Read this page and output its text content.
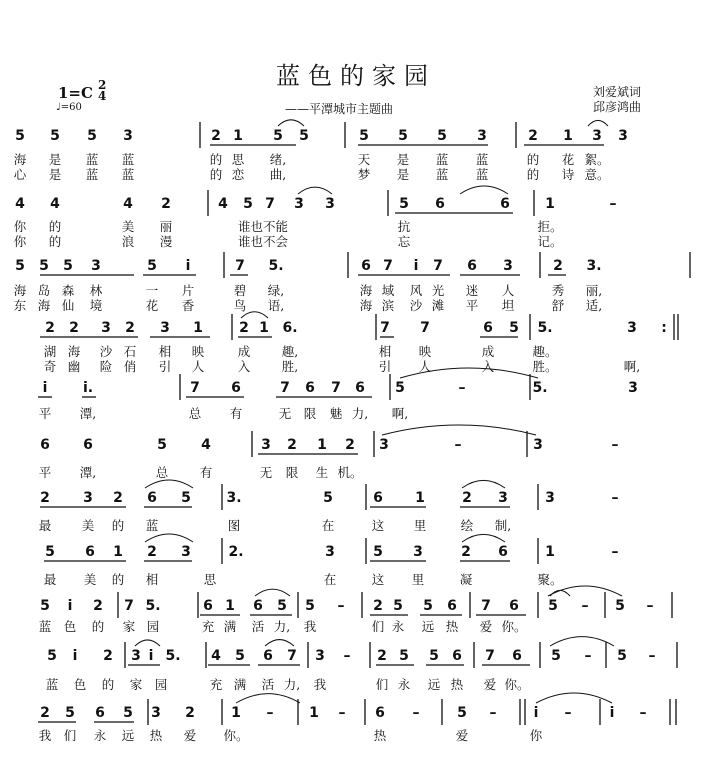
蓝色的家园
——平潭城市主题曲
刘爱斌词
邱彦鸿曲
1=C 2
4
♩=60
5 5 5 3	2 1 5 5	5 5 5 3	2 1 3 3
海 是 蓝 蓝	的 思 绪,	天 是 蓝 蓝	的 花 絮。
心 是 蓝 蓝	的 恋 曲,	梦 是 蓝 蓝	的 诗 意。
4 4	4 2	4 5 7 3 3	5 6	6	1	–
你 的	美 丽	谁也不能	抗	拒。
你 的	浪 漫	谁也不会	忘	记。
5 5 5 3	5 i	7 5.	6 7 i 7 6 3	2 3.
海 岛 森 林	一 片	碧 绿,	海 域 风 光 迷 人	秀 丽,
东 海 仙 境	花 香	鸟 语,	海 滨 沙 滩 平 坦	舒 适,
2 2 3 2 3 1	2 1 6.	7 7	6 5 5.	3 :
湖 海 沙 石 相 映	成	趣,	相 映	成	趣。
奇 幽 险 俏 引 人	入	胜,	引 人	入	胜。	啊,
i	i.	7 6	7 6 7 6 5	–	5.	3
平 潭,	总 有	无 限 魅 力, 啊,
6 6	5 4	3 2 1 2 3	–	3	–
平 潭,	总	有	无 限 生 机。
2 3 2 6 5	3.	5	6 1	2 3	3	–
最 美 的 蓝	图	在	这 里	绘 制,
5 6 1 2 3	2.	3	5 3	2 6	1	–
最 美 的 相	思	在	这 里	凝	聚。
5 i 2 7 5.	6 1 6 5 5 – 2 5 5 6 7 6 5 – 5 –
蓝 色 的 家 园	充 满 活 力, 我	们 永 远 热 爱 你。
5 i 2 3 i 5. 4 5 6 7 3 – 2 5 5 6 7 6 5 – 5 –
蓝 色 的 家 园	充 满 活 力, 我	们 永 远 热 爱 你。
2 5 6 5 3 2	1 –	1 – 6 –	5 –	i –	i –
我 们 永 远 热 爱 你。	热	爱	你
